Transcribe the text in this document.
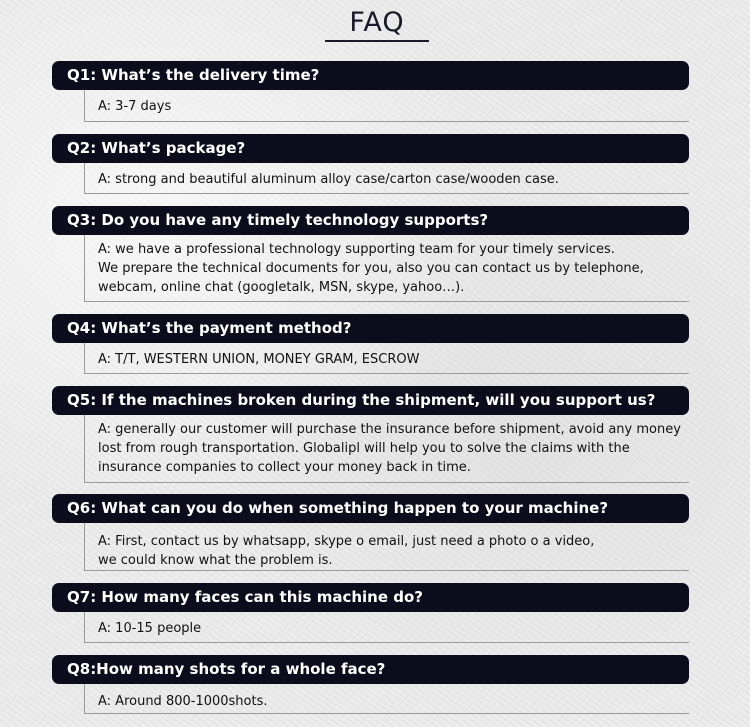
FAQ
Q1: What’s the delivery time?
A: 3-7 days
Q2: What’s package?
A: strong and beautiful aluminum alloy case/carton case/wooden case.
Q3: Do you have any timely technology supports?
A: we have a professional technology supporting team for your timely services.
We prepare the technical documents for you, also you can contact us by telephone,
webcam, online chat (googletalk, MSN, skype, yahoo…).
Q4: What’s the payment method?
A: T/T, WESTERN UNION, MONEY GRAM, ESCROW
Q5: If the machines broken during the shipment, will you support us?
A: generally our customer will purchase the insurance before shipment, avoid any money
lost from rough transportation. Globalipl will help you to solve the claims with the
insurance companies to collect your money back in time.
Q6: What can you do when something happen to your machine?
A: First, contact us by whatsapp, skype o email, just need a photo o a video,
we could know what the problem is.
Q7: How many faces can this machine do?
A: 10-15 people
Q8:How many shots for a whole face?
A: Around 800-1000shots.
